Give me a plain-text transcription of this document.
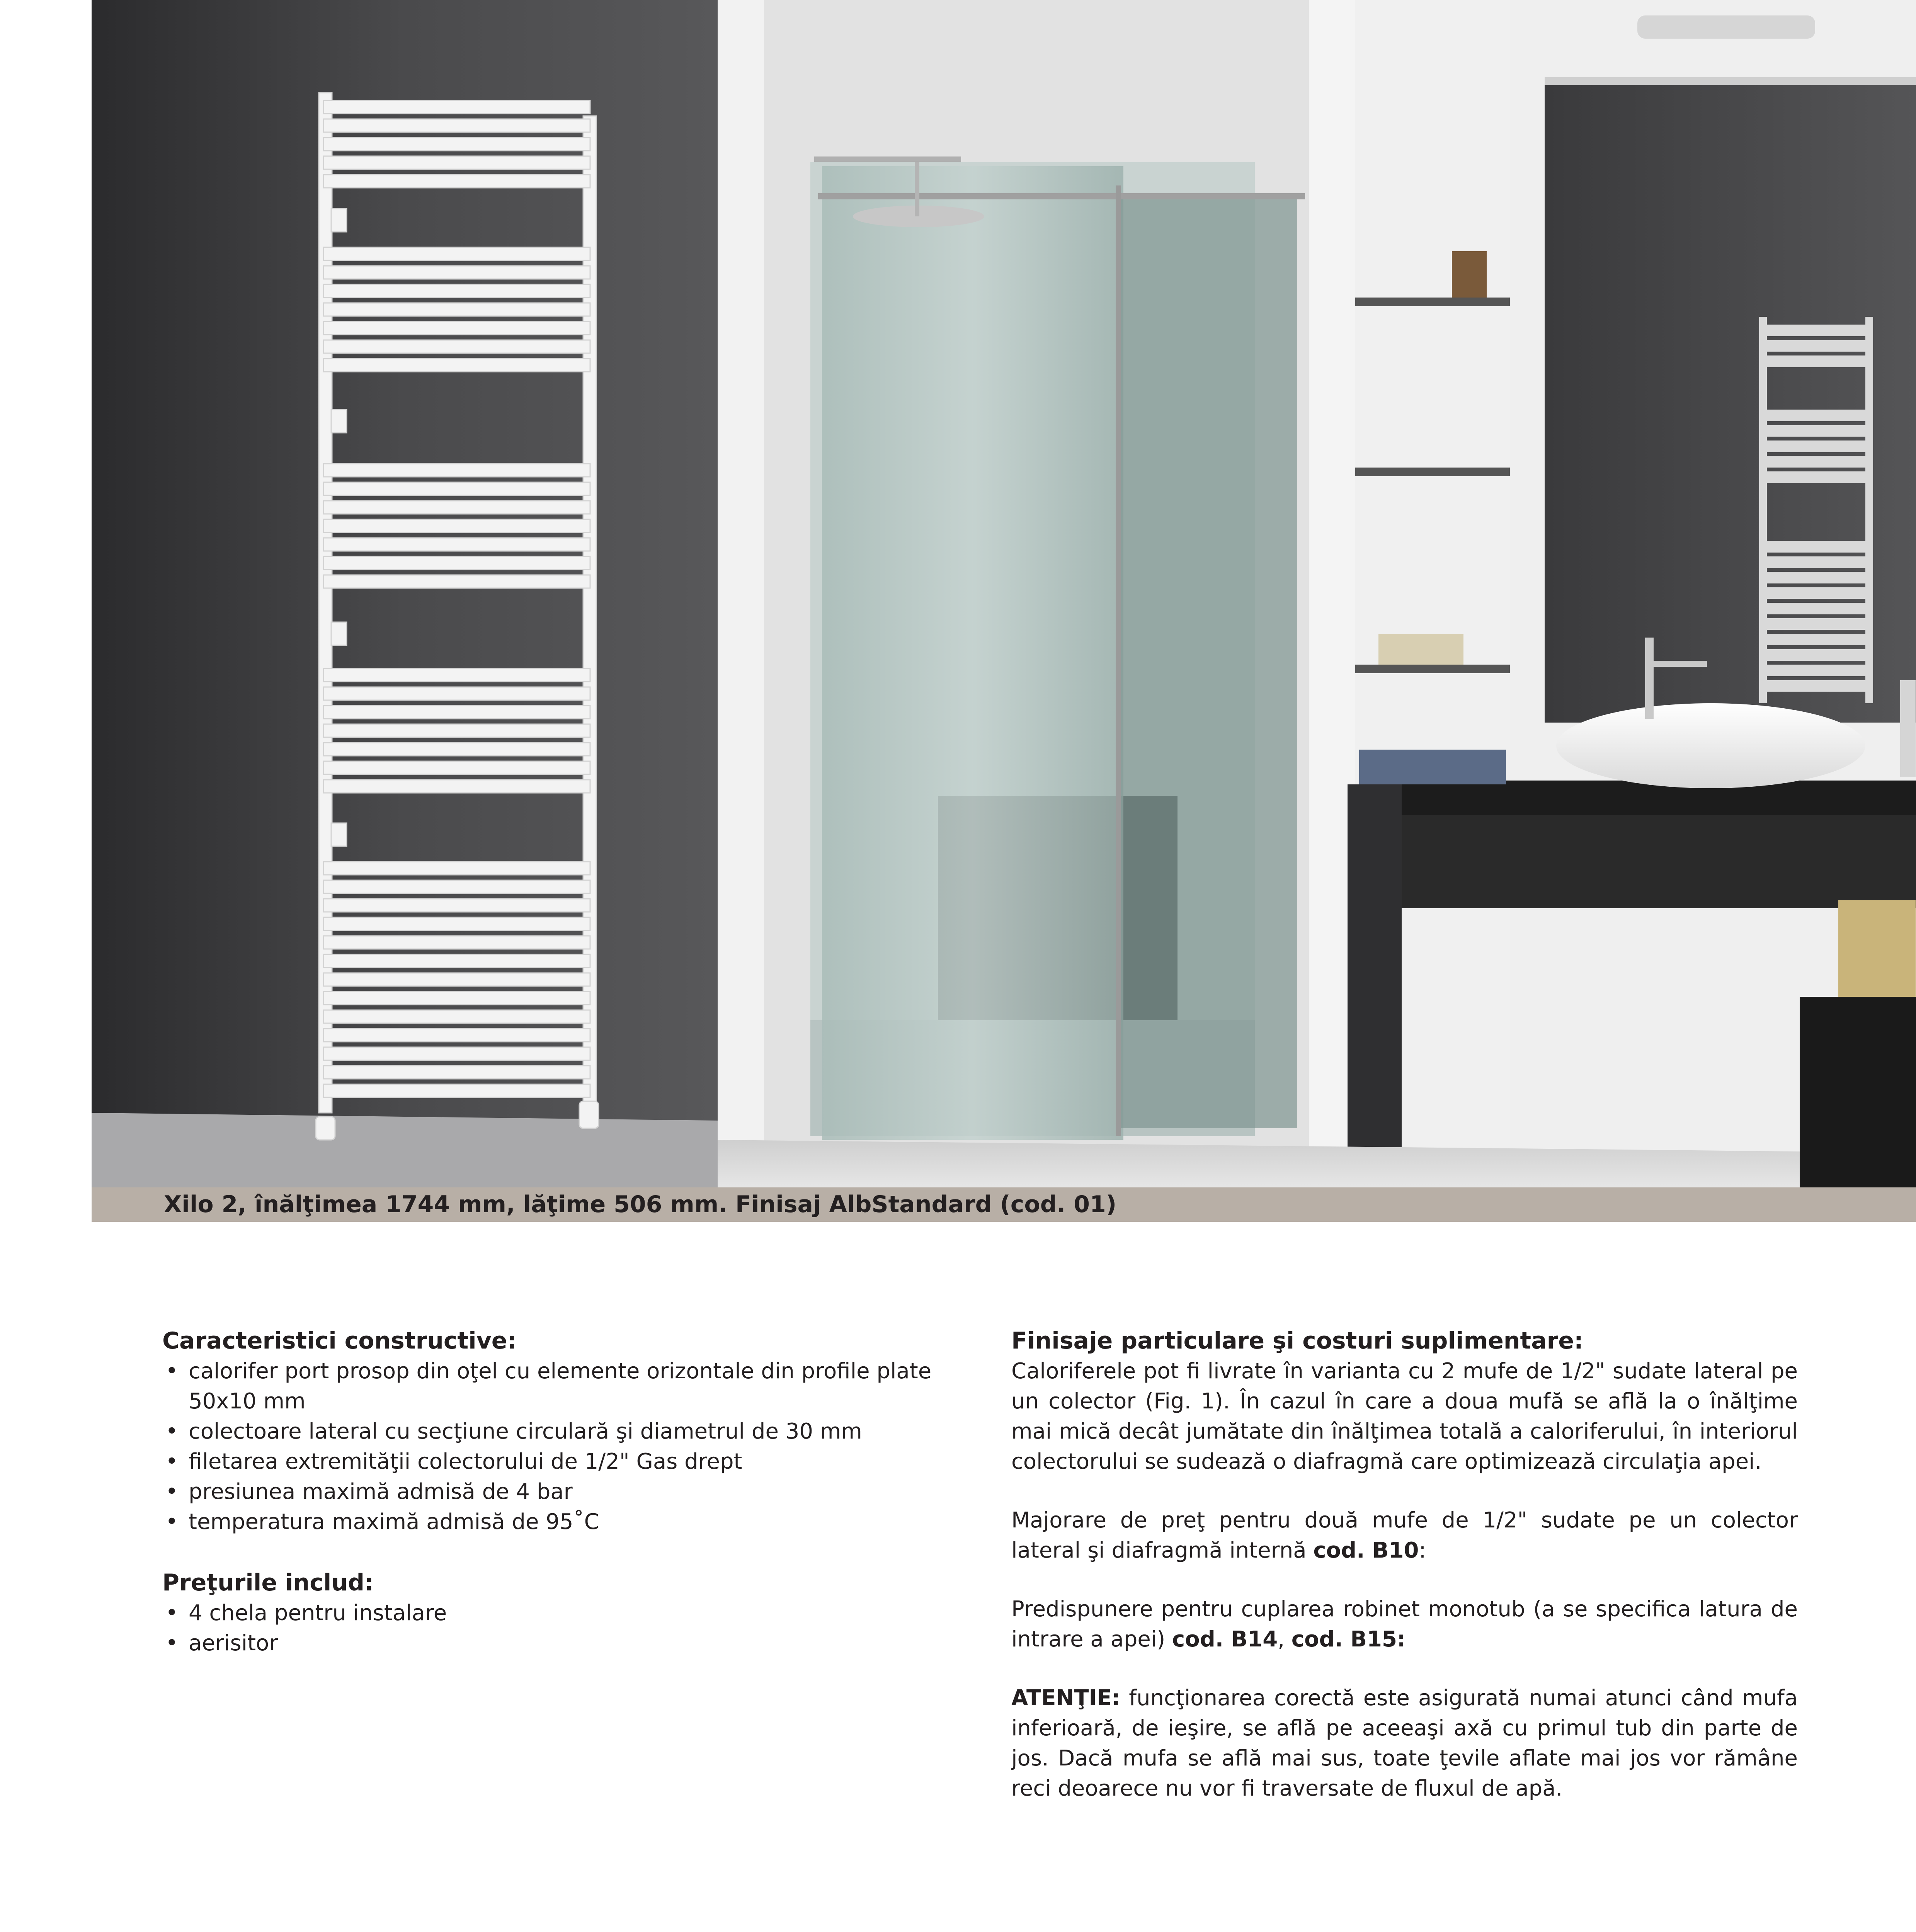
Xilo 2, înălţimea 1744 mm, lăţime 506 mm. Finisaj AlbStandard (cod. 01)
Caracteristici constructive:
• calorifer port prosop din oţel cu elemente orizontale din profile plate 50x10 mm
• colectoare lateral cu secţiune circulară şi diametrul de 30 mm
• filetarea extremităţii colectorului de 1/2" Gas drept
• presiunea maximă admisă de 4 bar
• temperatura maximă admisă de 95˚C
Preţurile includ:
• 4 chela pentru instalare
• aerisitor
Finisaje particulare şi costuri suplimentare:

Caloriferele pot fi livrate în varianta cu 2 mufe de 1/2" sudate lateral pe un colector (Fig. 1). În cazul în care a doua mufă se află la o înălţime mai mică decât jumătate din înălţimea totală a caloriferului, în interiorul colectorului se sudează o diafragmă care optimizează circulaţia apei.

Majorare de preţ pentru două mufe de 1/2" sudate pe un colector lateral şi diafragmă internă cod. B10:

Predispunere pentru cuplarea robinet monotub (a se specifica latura de intrare a apei) cod. B14, cod. B15:

ATENŢIE: funcţionarea corectă este asigurată numai atunci când mufa inferioară, de ieşire, se află pe aceeaşi axă cu primul tub din parte de jos. Dacă mufa se află mai sus, toate ţevile aflate mai jos vor rămâne reci deoarece nu vor fi traversate de fluxul de apă.
